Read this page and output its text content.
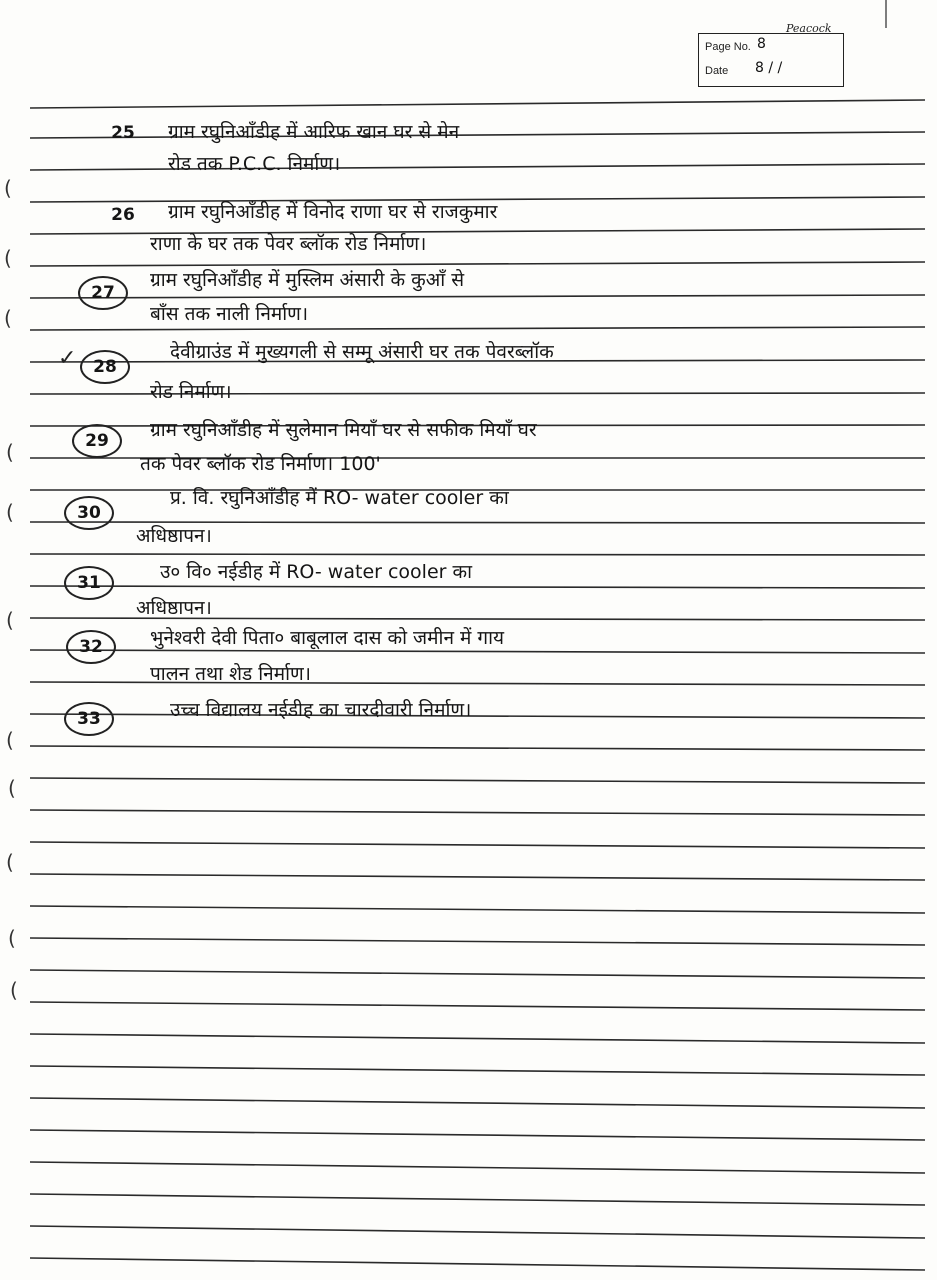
Peacock
Page No. 8
Date 8 / /
25	ग्राम रघुनिआँडीह में आरिफ खान घर से मेन
रोड तक P.C.C. निर्माण।
26	ग्राम रघुनिआँडीह में विनोद राणा घर से राजकुमार
राणा के घर तक पेवर ब्लॉक रोड निर्माण।
27
ग्राम रघुनिआँडीह में मुस्लिम अंसारी के कुआँ से
बाँस तक नाली निर्माण।
✓ 28
देवीग्राउंड में मुख्यगली से सम्मू अंसारी घर तक पेवरब्लॉक
रोड निर्माण।
29	ग्राम रघुनिआँडीह में सुलेमान मियाँ घर से सफीक मियाँ घर
तक पेवर ब्लॉक रोड निर्माण। 100'
30
प्र. वि. रघुनिआँडीह में RO- water cooler का
अधिष्ठापन।
31	उ० वि० नईडीह में RO- water cooler का
अधिष्ठापन।
32	भुनेश्वरी देवी पिता० बाबूलाल दास को जमीन में गाय
पालन तथा शेड निर्माण।
33	उच्च विद्यालय नईडीह का चारदीवारी निर्माण।
(
(
(
(
(
(
(
(
(
(
(
